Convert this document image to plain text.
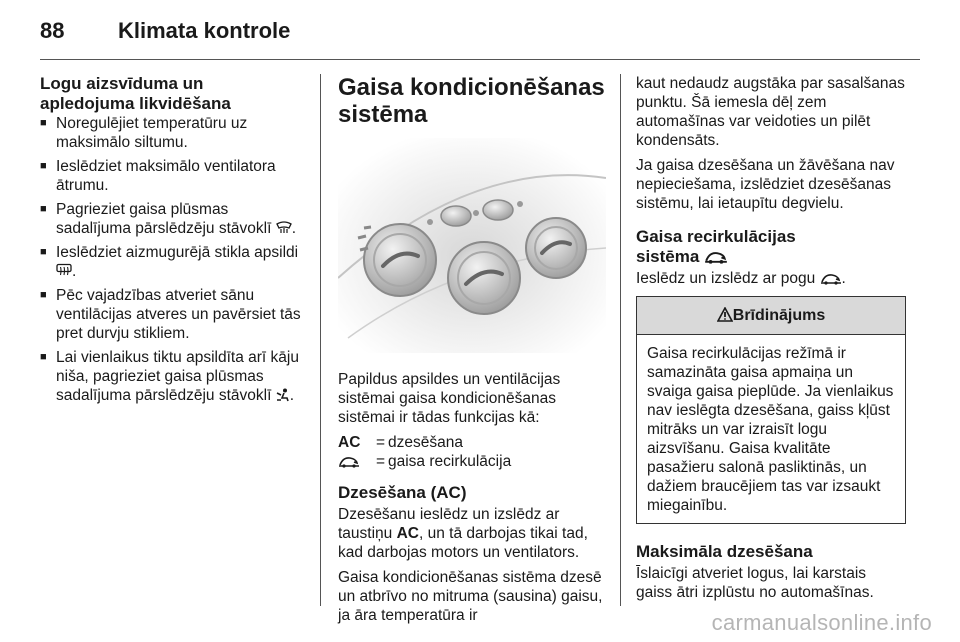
88	Klimata kontrole
Logu aizsvīduma un
apledojuma likvidēšana
■ Noregulējiet temperatūru uz maksimālo siltumu.
■ Ieslēdziet maksimālo ventilatora ātrumu.
■ Pagrieziet gaisa plūsmas sadalījuma pārslēdzēju stāvoklī .
■ Ieslēdziet aizmugurējā stikla apsildi
.
■ Pēc vajadzības atveriet sānu ventilācijas atveres un pavērsiet tās pret durvju stikliem.
■ Lai vienlaikus tiktu apsildīta arī kāju niša, pagrieziet gaisa plūsmas sadalījuma pārslēdzēju stāvoklī .
Gaisa kondicionēšanas sistēma

Papildus apsildes un ventilācijas sistēmai gaisa kondicionēšanas sistēmai ir tādas funkcijas kā:

AC	= dzesēšana
= gaisa recirkulācija
Dzesēšana (AC)

Dzesēšanu ieslēdz un izslēdz ar taustiņu AC, un tā darbojas tikai tad, kad darbojas motors un ventilators.

Gaisa kondicionēšanas sistēma dzesē un atbrīvo no mitruma (sausina) gaisu, ja āra temperatūra ir

kaut nedaudz augstāka par sasalšanas punktu. Šā iemesla dēļ zem automašīnas var veidoties un pilēt kondensāts.

Ja gaisa dzesēšana un žāvēšana nav nepieciešama, izslēdziet dzesēšanas sistēmu, lai ietaupītu degvielu.

Gaisa recirkulācijas
sistēma

Ieslēdz un izslēdz ar pogu .

Brīdinājums
Gaisa recirkulācijas režīmā ir samazināta gaisa apmaiņa un svaiga gaisa pieplūde. Ja vienlaikus nav ieslēgta dzesēšana, gaiss kļūst mitrāks un var izraisīt logu aizsvīšanu. Gaisa kvalitāte pasažieru salonā pasliktinās, un dažiem braucējiem tas var izsaukt miegainību.
Maksimāla dzesēšana

Īslaicīgi atveriet logus, lai karstais gaiss ātri izplūstu no automašīnas.

carmanualsonline.info
